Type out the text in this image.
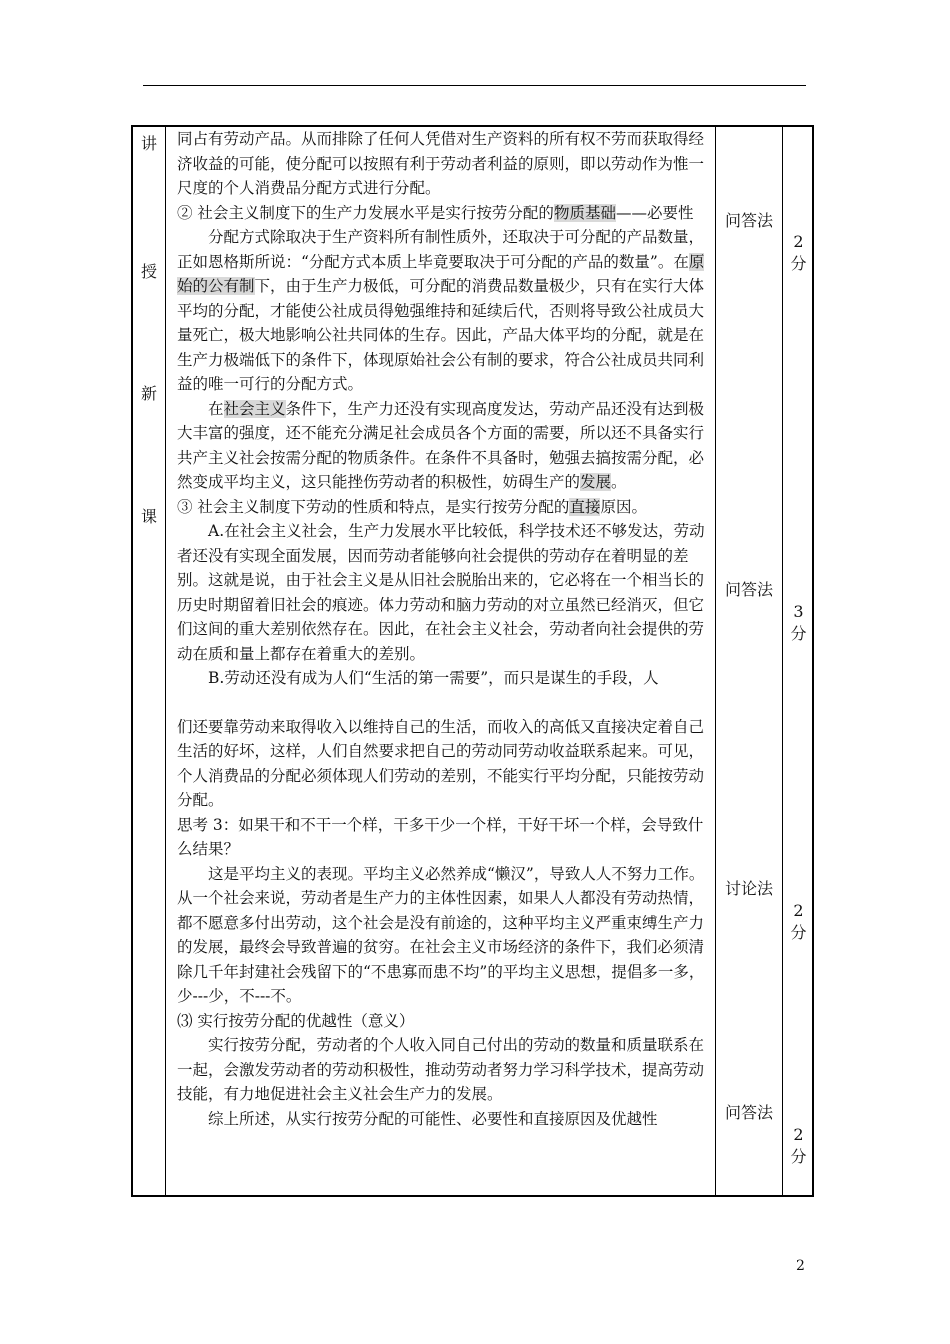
讲
授
新
课

同占有劳动产品。从而排除了任何人凭借对生产资料的所有权不劳而获取得经济收益的可能，使分配可以按照有利于劳动者利益的原则，即以劳动作为惟一尺度的个人消费品分配方式进行分配。

② 社会主义制度下的生产力发展水平是实行按劳分配的物质基础——必要性

分配方式除取决于生产资料所有制性质外，还取决于可分配的产品数量，正如恩格斯所说：“分配方式本质上毕竟要取决于可分配的产品的数量”。在原始的公有制下，由于生产力极低，可分配的消费品数量极少，只有在实行大体平均的分配，才能使公社成员得勉强维持和延续后代，否则将导致公社成员大量死亡，极大地影响公社共同体的生存。因此，产品大体平均的分配，就是在生产力极端低下的条件下，体现原始社会公有制的要求，符合公社成员共同利益的唯一可行的分配方式。

在社会主义条件下，生产力还没有实现高度发达，劳动产品还没有达到极大丰富的强度，还不能充分满足社会成员各个方面的需要，所以还不具备实行共产主义社会按需分配的物质条件。在条件不具备时，勉强去搞按需分配，必然变成平均主义，这只能挫伤劳动者的积极性，妨碍生产的发展。

③ 社会主义制度下劳动的性质和特点，是实行按劳分配的直接原因。

A.在社会主义社会，生产力发展水平比较低，科学技术还不够发达，劳动者还没有实现全面发展，因而劳动者能够向社会提供的劳动存在着明显的差别。这就是说，由于社会主义是从旧社会脱胎出来的，它必将在一个相当长的历史时期留着旧社会的痕迹。体力劳动和脑力劳动的对立虽然已经消灭，但它们这间的重大差别依然存在。因此，在社会主义社会，劳动者向社会提供的劳动在质和量上都存在着重大的差别。

B.劳动还没有成为人们“生活的第一需要”，而只是谋生的手段，人

们还要靠劳动来取得收入以维持自己的生活，而收入的高低又直接决定着自己生活的好坏，这样，人们自然要求把自己的劳动同劳动收益联系起来。可见，个人消费品的分配必须体现人们劳动的差别，不能实行平均分配，只能按劳动分配。

思考 3：如果干和不干一个样，干多干少一个样，干好干坏一个样，会导致什么结果？

这是平均主义的表现。平均主义必然养成“懒汉”，导致人人不努力工作。从一个社会来说，劳动者是生产力的主体性因素，如果人人都没有劳动热情，都不愿意多付出劳动，这个社会是没有前途的，这种平均主义严重束缚生产力的发展，最终会导致普遍的贫穷。在社会主义市场经济的条件下，我们必须清除几千年封建社会残留下的“不患寡而患不均”的平均主义思想，提倡多一多，少---少，不---不。

⑶ 实行按劳分配的优越性（意义）

实行按劳分配，劳动者的个人收入同自己付出的劳动的数量和质量联系在一起，会激发劳动者的劳动积极性，推动劳动者努力学习科学技术，提高劳动技能，有力地促进社会主义社会生产力的发展。

综上所述，从实行按劳分配的可能性、必要性和直接原因及优越性

问答法
2 分
问答法
3 分
讨论法
2 分
问答法
2 分
2
